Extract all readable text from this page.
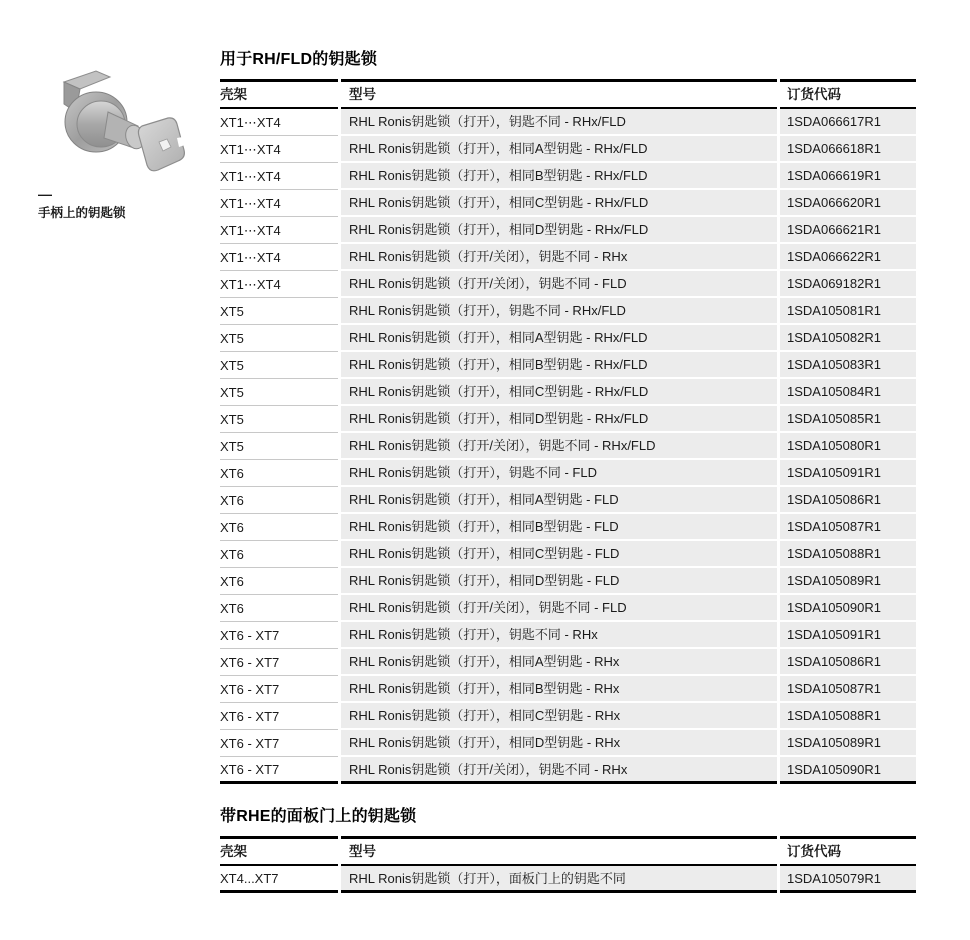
—
手柄上的钥匙锁
用于RH/FLD的钥匙锁
壳架	型号	订货代码
XT1⋯XT4	RHL Ronis钥匙锁（打开），钥匙不同 - RHx/FLD	1SDA066617R1
XT1⋯XT4	RHL Ronis钥匙锁（打开），相同A型钥匙 - RHx/FLD	1SDA066618R1
XT1⋯XT4	RHL Ronis钥匙锁（打开），相同B型钥匙 - RHx/FLD	1SDA066619R1
XT1⋯XT4	RHL Ronis钥匙锁（打开），相同C型钥匙 - RHx/FLD	1SDA066620R1
XT1⋯XT4	RHL Ronis钥匙锁（打开），相同D型钥匙 - RHx/FLD	1SDA066621R1
XT1⋯XT4	RHL Ronis钥匙锁（打开/关闭），钥匙不同 - RHx	1SDA066622R1
XT1⋯XT4	RHL Ronis钥匙锁（打开/关闭），钥匙不同 - FLD	1SDA069182R1
XT5	RHL Ronis钥匙锁（打开），钥匙不同 - RHx/FLD	1SDA105081R1
XT5	RHL Ronis钥匙锁（打开），相同A型钥匙 - RHx/FLD	1SDA105082R1
XT5	RHL Ronis钥匙锁（打开），相同B型钥匙 - RHx/FLD	1SDA105083R1
XT5	RHL Ronis钥匙锁（打开），相同C型钥匙 - RHx/FLD	1SDA105084R1
XT5	RHL Ronis钥匙锁（打开），相同D型钥匙 - RHx/FLD	1SDA105085R1
XT5	RHL Ronis钥匙锁（打开/关闭），钥匙不同 - RHx/FLD	1SDA105080R1
XT6	RHL Ronis钥匙锁（打开），钥匙不同 - FLD	1SDA105091R1
XT6	RHL Ronis钥匙锁（打开），相同A型钥匙 - FLD	1SDA105086R1
XT6	RHL Ronis钥匙锁（打开），相同B型钥匙 - FLD	1SDA105087R1
XT6	RHL Ronis钥匙锁（打开），相同C型钥匙 - FLD	1SDA105088R1
XT6	RHL Ronis钥匙锁（打开），相同D型钥匙 - FLD	1SDA105089R1
XT6	RHL Ronis钥匙锁（打开/关闭），钥匙不同 - FLD	1SDA105090R1
XT6 - XT7	RHL Ronis钥匙锁（打开），钥匙不同 - RHx	1SDA105091R1
XT6 - XT7	RHL Ronis钥匙锁（打开），相同A型钥匙 - RHx	1SDA105086R1
XT6 - XT7	RHL Ronis钥匙锁（打开），相同B型钥匙 - RHx	1SDA105087R1
XT6 - XT7	RHL Ronis钥匙锁（打开），相同C型钥匙 - RHx	1SDA105088R1
XT6 - XT7	RHL Ronis钥匙锁（打开），相同D型钥匙 - RHx	1SDA105089R1
XT6 - XT7	RHL Ronis钥匙锁（打开/关闭），钥匙不同 - RHx	1SDA105090R1
带RHE的面板门上的钥匙锁
壳架	型号	订货代码
XT4...XT7	RHL Ronis钥匙锁（打开），面板门上的钥匙不同	1SDA105079R1
